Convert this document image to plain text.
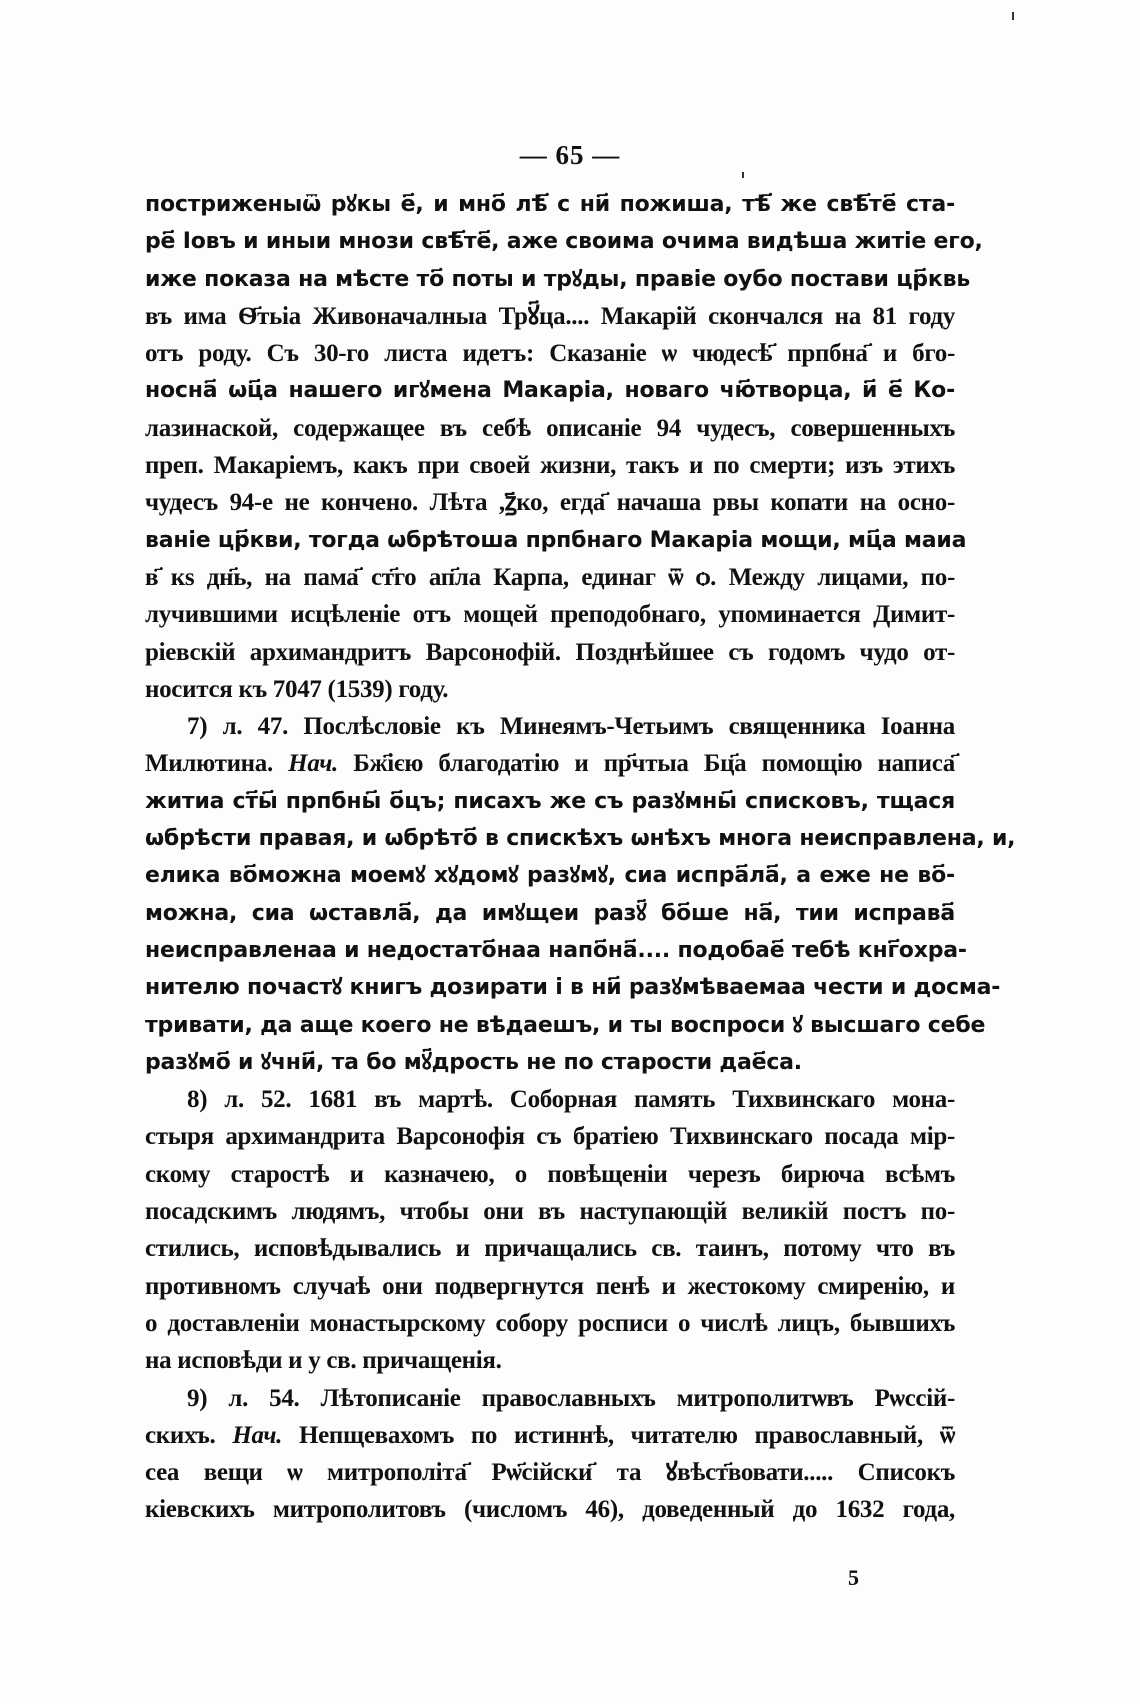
— 65 —
постриженыѿ рꙋкы е҃, и мно҃ лѣ҃ с ни҃ пожиша, тѣ҃ же свѣ҃те҃ ста-
ре҃ Іовъ и иныи мнози свѣ҃те҃, аже своима очима видѣша житіе его,
иже показа на мѣсте то҃ поты и трꙋды, правіе оубо постави цр҃квь
въ има Ѳ҃тьіа Живоначалныа Трꙋ҃ца.... Макарій скончался на 81 году
отъ роду. Съ 30-го листа идетъ: Сказаніе ѡ чюдесѣ҃ прпбна҃ и бго-
носна҃ ѡц҃а нашего игꙋмена Макаріа, новаго чю҃творца, и҃ е҃ Ко-
лазинаской, содержащее въ себѣ описаніе 94 чудесъ, совершенныхъ
преп. Макаріемъ, какъ при своей жизни, такъ и по смерти; изъ этихъ
чудесъ 94-е не кончено. Лѣта ,ꙁ҃ко, егда҃ начаша рвы копати на осно-
ваніе цр҃кви, тогда ѡбрѣтоша прпбнаго Макаріа мощи, мц҃а маиа
в҃ кѕ дн҃ь, на пама҃ ст҃го ап҃ла Карпа, единаг ѿ ѻ. Между лицами, по-
лучившими исцѣленіе отъ мощей преподобнаго, упоминается Димит-
ріевскій архимандритъ Варсонофій. Позднѣйшее съ годомъ чудо от-
носится къ 7047 (1539) году.
7) л. 47. Послѣсловіе къ Минеямъ-Четьимъ священника Іоанна
Милютина. Нач. Бж҃ією благодатію и пр҃чтыа Бц҃а помощію написа҃
житиа ст҃ы҃ прпбны҃ о҃цъ; писахъ же съ разꙋмны҃ списковъ, тщася
ѡбрѣсти правая, и ѡбрѣто҃ в спискѣхъ ѡнѣхъ многа неисправлена, и,
елика во҃можна моемꙋ хꙋдомꙋ разꙋмꙋ, сиа испра҃ла҃, а еже не во҃-
можна, сиа ѡставла҃, да имꙋщеи разꙋ҃ бо҃ше на҃, тии исправа҃
неисправленаа и недостато҃наа напо҃на҃.... подобае҃ тебѣ кнг҃охра-
нителю почастꙋ книгъ дозирати і в ни҃ разꙋмѣваемаа чести и досма-
тривати, да аще коего не вѣдаешъ, и ты воспроси ꙋ высшаго себе
разꙋмо҃ и ꙋчни҃, та бо мꙋ҃дрость не по старости дае҃са.
8) л. 52. 1681 въ мартѣ. Соборная память Тихвинскаго мона-
стыря архимандрита Варсонофія съ братіею Тихвинскаго посада мір-
скому старостѣ и казначею, о повѣщеніи черезъ бирюча всѣмъ
посадскимъ людямъ, чтобы они въ наступающій великій постъ по-
стились, исповѣдывались и причащались св. таинъ, потому что въ
противномъ случаѣ они подвергнутся пенѣ и жестокому смиренію, и
о доставленіи монастырскому собору росписи о числѣ лицъ, бывшихъ
на исповѣди и у св. причащенія.
9) л. 54. Лѣтописаніе православныхъ митрополитѡвъ Рѡссій-
скихъ. Нач. Непщевахомъ по истиннѣ, читателю православный, ѿ
сеа вещи ѡ митрополіта҃ Рѡ҃сійски҃ та ꙋвѣст҃вовати..... Списокъ
кіевскихъ митрополитовъ (числомъ 46), доведенный до 1632 года,
5
